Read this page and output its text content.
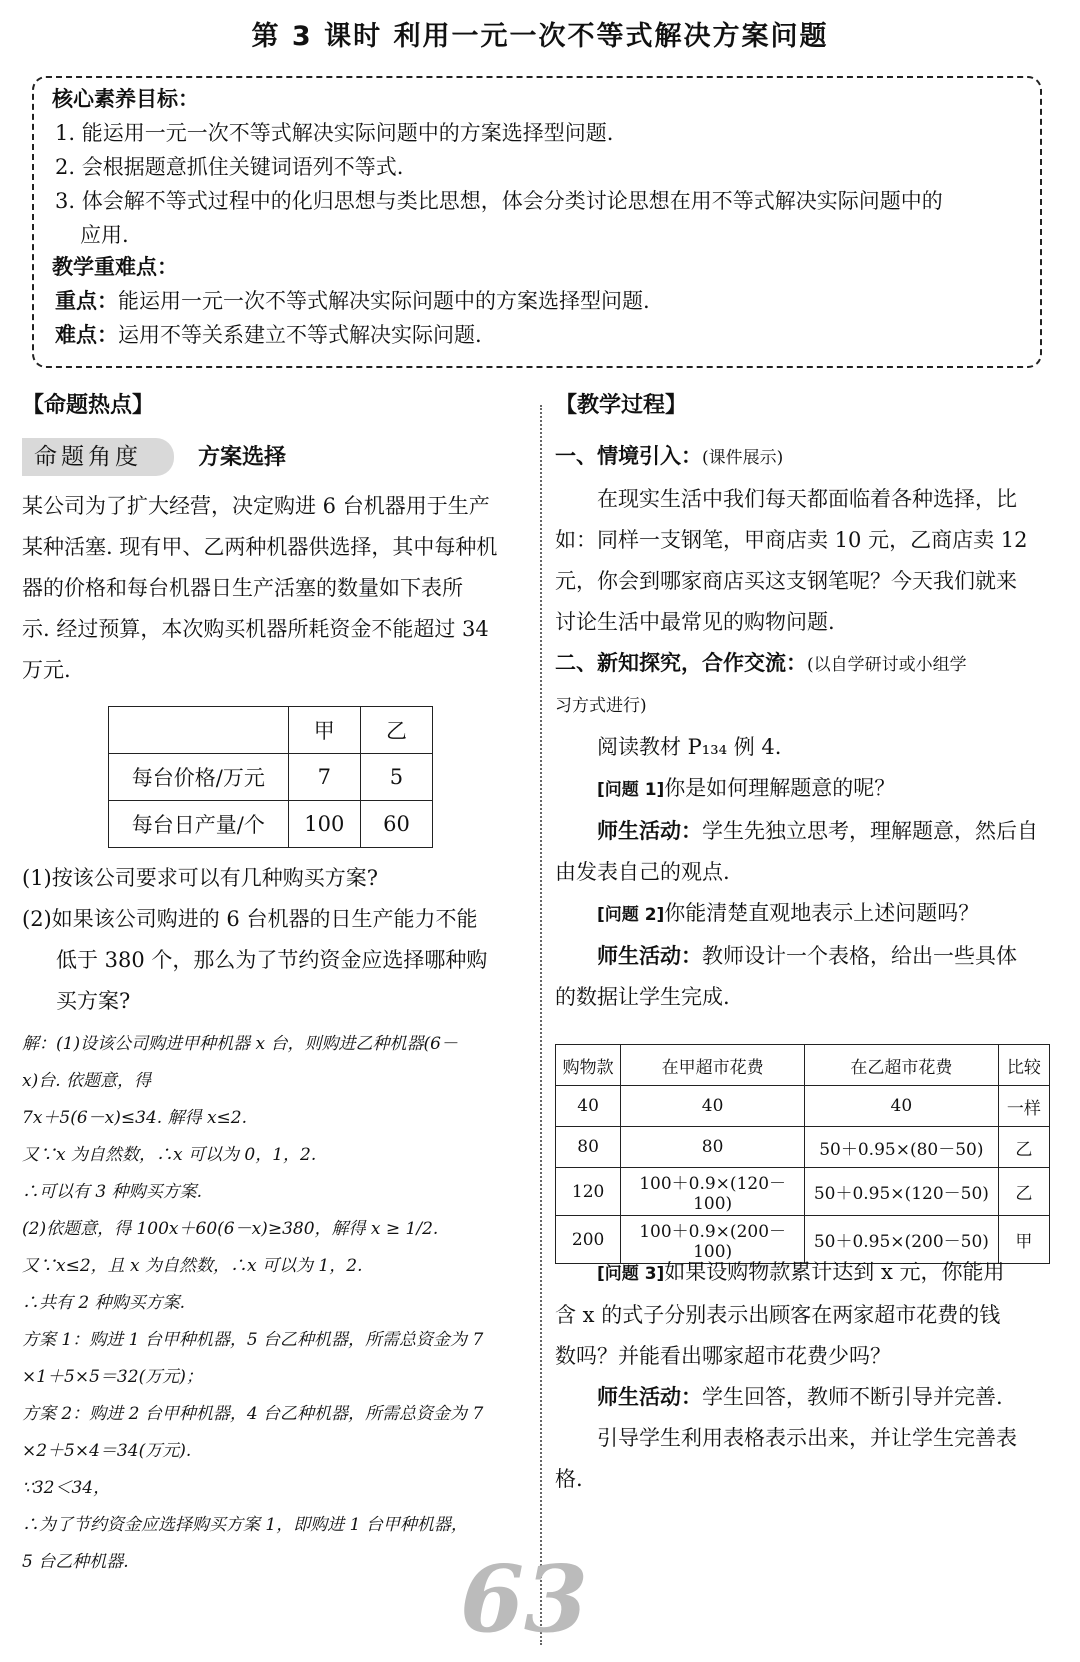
第 3 课时 利用一元一次不等式解决方案问题
核心素养目标：
1. 能运用一元一次不等式解决实际问题中的方案选择型问题.
2. 会根据题意抓住关键词语列不等式.
3. 体会解不等式过程中的化归思想与类比思想，体会分类讨论思想在用不等式解决实际问题中的
应用.
教学重难点：
重点：能运用一元一次不等式解决实际问题中的方案选择型问题.
难点：运用不等关系建立不等式解决实际问题.
【命题热点】
命题角度	方案选择
某公司为了扩大经营，决定购进 6 台机器用于生产
某种活塞. 现有甲、乙两种机器供选择，其中每种机
器的价格和每台机器日生产活塞的数量如下表所
示. 经过预算，本次购买机器所耗资金不能超过 34
万元.
	甲	乙
每台价格/万元	7	5
每台日产量/个	100	60
(1)按该公司要求可以有几种购买方案?
(2)如果该公司购进的 6 台机器的日生产能力不能
低于 380 个，那么为了节约资金应选择哪种购
买方案?
解：(1)设该公司购进甲种机器 x 台，则购进乙种机器(6－
x)台. 依题意，得
7x＋5(6－x)≤34. 解得 x≤2.
又∵x 为自然数，∴x 可以为 0，1，2.
∴可以有 3 种购买方案.
(2)依题意，得 100x＋60(6－x)≥380，解得 x ≥ 1/2.
又∵x≤2，且 x 为自然数，∴x 可以为 1，2.
∴共有 2 种购买方案.
方案 1：购进 1 台甲种机器，5 台乙种机器，所需总资金为 7
×1＋5×5＝32(万元)；
方案 2：购进 2 台甲种机器，4 台乙种机器，所需总资金为 7
×2＋5×4＝34(万元).
∵32＜34，
∴为了节约资金应选择购买方案 1，即购进 1 台甲种机器，
5 台乙种机器.
【教学过程】
一、情境引入：(课件展示)
在现实生活中我们每天都面临着各种选择，比
如：同样一支钢笔，甲商店卖 10 元，乙商店卖 12
元，你会到哪家商店买这支钢笔呢？今天我们就来
讨论生活中最常见的购物问题.
二、新知探究，合作交流：(以自学研讨或小组学
习方式进行)
阅读教材 P₁₃₄ 例 4.
[问题 1]你是如何理解题意的呢？
师生活动：学生先独立思考，理解题意，然后自
由发表自己的观点.
[问题 2]你能清楚直观地表示上述问题吗？
师生活动：教师设计一个表格，给出一些具体
的数据让学生完成.
购物款	在甲超市花费	在乙超市花费	比较
40	40	40	一样
80	80	50＋0.95×(80－50)	乙
120	100＋0.9×(120－100)	50＋0.95×(120－50)	乙
200	100＋0.9×(200－100)	50＋0.95×(200－50)	甲
[问题 3]如果设购物款累计达到 x 元，你能用
含 x 的式子分别表示出顾客在两家超市花费的钱
数吗？并能看出哪家超市花费少吗？
师生活动：学生回答，教师不断引导并完善.
引导学生利用表格表示出来，并让学生完善表
格.
63
